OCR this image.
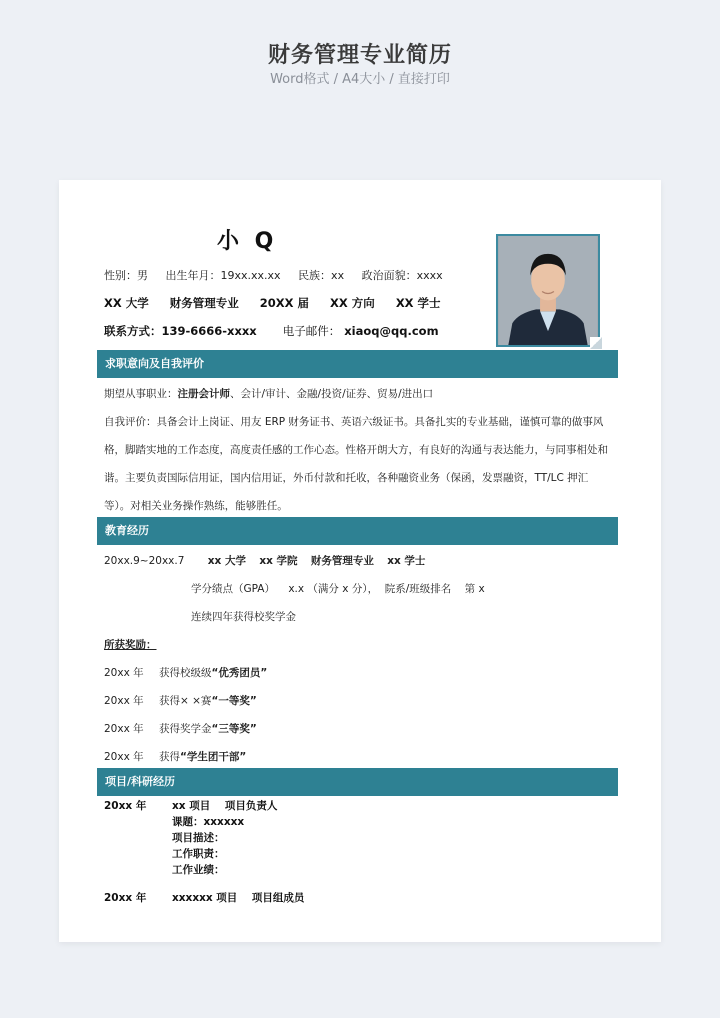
财务管理专业简历
Word格式 / A4大小 / 直接打印
小 Q
性别：男 出生年月：19xx.xx.xx 民族：xx 政治面貌：xxxx
XX 大学 财务管理专业 20XX 届 XX 方向 XX 学士
联系方式：139-6666-xxxx 电子邮件： xiaoq@qq.com
求职意向及自我评价
期望从事职业：注册会计师、会计/审计、金融/投资/证券、贸易/进出口
自我评价：具备会计上岗证、用友 ERP 财务证书、英语六级证书。具备扎实的专业基础，谨慎可靠的做事风格，脚踏实地的工作态度，高度责任感的工作心态。性格开朗大方，有良好的沟通与表达能力，与同事相处和谐。主要负责国际信用证，国内信用证，外币付款和托收，各种融资业务（保函，发票融资，TT/LC 押汇等）。对相关业务操作熟练，能够胜任。
教育经历
20xx.9~20xx.7 xx 大学 xx 学院 财务管理专业 xx 学士
学分绩点（GPA）    x.x （满分 x 分），  院系/班级排名    第 x
连续四年获得校奖学金
所获奖励：
20xx 年 获得校级级“优秀团员”
20xx 年 获得× ×赛“一等奖”
20xx 年 获得奖学金“三等奖”
20xx 年 获得“学生团干部”
项目/科研经历
20xx 年 xx 项目    项目负责人
课题：xxxxxx
项目描述：
工作职责：
工作业绩：
20xx 年 xxxxxx 项目    项目组成员
